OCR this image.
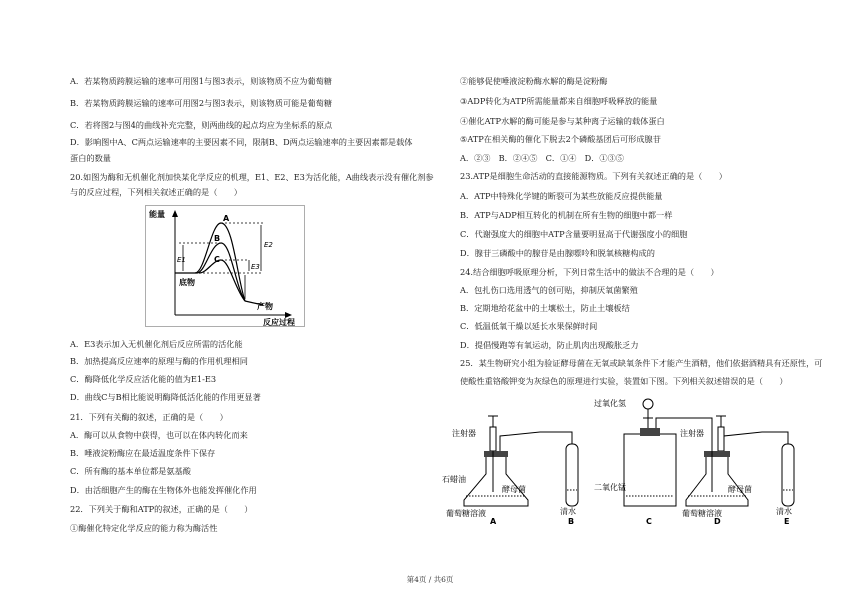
A．若某物质跨膜运输的速率可用图1与图3表示，则该物质不应为葡萄糖
B．若某物质跨膜运输的速率可用图2与图3表示，则该物质可能是葡萄糖
C．若将图2与图4的曲线补充完整，则两曲线的起点均应为坐标系的原点
D．影响图中A、C两点运输速率的主要因素不同，限制B、D两点运输速率的主要因素都是载体
蛋白的数量
20.如图为酶和无机催化剂加快某化学反应的机理，E1、E2、E3为活化能，A曲线表示没有催化剂参
与的反应过程，下列相关叙述正确的是（　　）
能量
反应过程
A
B
C
E1
E3
E2
底物
产物
A．E3表示加入无机催化剂后反应所需的活化能
B．加热提高反应速率的原理与酶的作用机理相同
C．酶降低化学反应活化能的值为E1-E3
D．曲线C与B相比能说明酶降低活化能的作用更显著
21．下列有关酶的叙述，正确的是（　　）
A．酶可以从食物中获得，也可以在体内转化而来
B．唾液淀粉酶应在最适温度条件下保存
C．所有酶的基本单位都是氨基酸
D．由活细胞产生的酶在生物体外也能发挥催化作用
22．下列关于酶和ATP的叙述，正确的是（　　）
①酶催化特定化学反应的能力称为酶活性
②能够促使唾液淀粉酶水解的酶是淀粉酶
③ADP转化为ATP所需能量都来自细胞呼吸释放的能量
④催化ATP水解的酶可能是参与某种离子运输的载体蛋白
⑤ATP在相关酶的催化下脱去2个磷酸基团后可形成腺苷
A．②③　B．②④⑤　C．①④　D．①③⑤
23.ATP是细胞生命活动的直接能源物质。下列有关叙述正确的是（　　）
A．ATP中特殊化学键的断裂可为某些放能反应提供能量
B．ATP与ADP相互转化的机制在所有生物的细胞中都一样
C．代谢强度大的细胞中ATP含量要明显高于代谢强度小的细胞
D．腺苷三磷酸中的腺苷是由腺嘌呤和脱氧核糖构成的
24.结合细胞呼吸原理分析，下列日常生活中的做法不合理的是（　　）
A．包扎伤口选用透气的创可贴，抑制厌氧菌繁殖
B．定期地给花盆中的土壤松土，防止土壤板结
C．低温低氧干燥以延长水果保鲜时间
D．提倡慢跑等有氧运动，防止肌肉出现酸胀乏力
25．某生物研究小组为验证酵母菌在无氧或缺氧条件下才能产生酒精，他们依据酒精具有还原性，可
使酸性重铬酸钾变为灰绿色的原理进行实验，装置如下图。下列相关叙述错误的是（　　）
注射器
石蜡油
酵母菌
葡萄糖溶液
A
清水
B
过氧化氢
二氧化锰
C
注射器
酵母菌
葡萄糖溶液
D
清水
E
第4页 / 共6页
